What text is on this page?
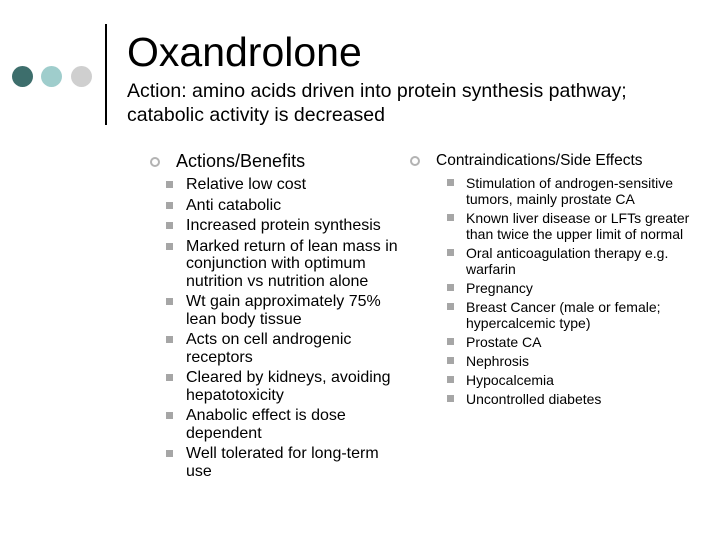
Oxandrolone
Action: amino acids driven into protein synthesis pathway; catabolic activity is decreased
Actions/Benefits
Relative low cost
Anti catabolic
Increased protein synthesis
Marked return of lean mass in conjunction with optimum nutrition vs nutrition alone
Wt gain approximately 75% lean body tissue
Acts on cell androgenic receptors
Cleared by kidneys, avoiding hepatotoxicity
Anabolic effect is dose dependent
Well tolerated for long-term use
Contraindications/Side Effects
Stimulation of androgen-sensitive tumors, mainly prostate CA
Known liver disease or LFTs greater than twice the upper limit of normal
Oral anticoagulation therapy e.g. warfarin
Pregnancy
Breast Cancer (male or female; hypercalcemic type)
Prostate CA
Nephrosis
Hypocalcemia
Uncontrolled diabetes
